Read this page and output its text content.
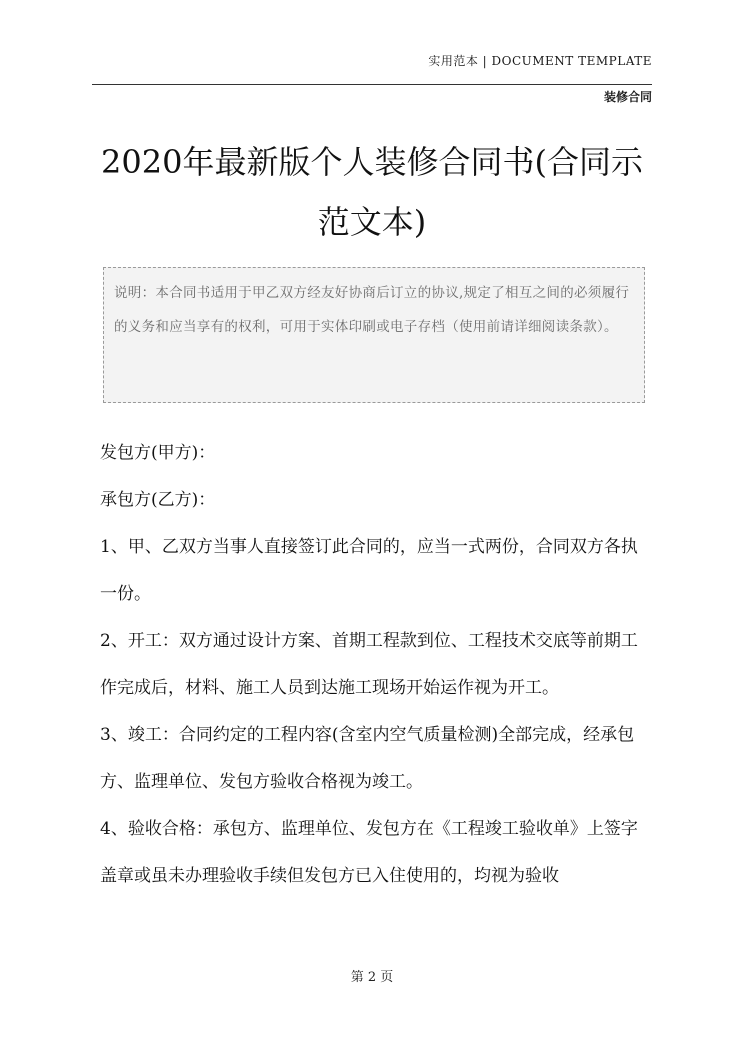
实用范本 | DOCUMENT TEMPLATE
装修合同
2020年最新版个人装修合同书(合同示范文本)
说明：本合同书适用于甲乙双方经友好协商后订立的协议,规定了相互之间的必须履行的义务和应当享有的权利，可用于实体印刷或电子存档（使用前请详细阅读条款）。

发包方(甲方)：

承包方(乙方)：

1、甲、乙双方当事人直接签订此合同的，应当一式两份，合同双方各执一份。

2、开工：双方通过设计方案、首期工程款到位、工程技术交底等前期工作完成后，材料、施工人员到达施工现场开始运作视为开工。

3、竣工：合同约定的工程内容(含室内空气质量检测)全部完成，经承包方、监理单位、发包方验收合格视为竣工。

4、验收合格：承包方、监理单位、发包方在《工程竣工验收单》上签字盖章或虽未办理验收手续但发包方已入住使用的，均视为验收

第 2 页
